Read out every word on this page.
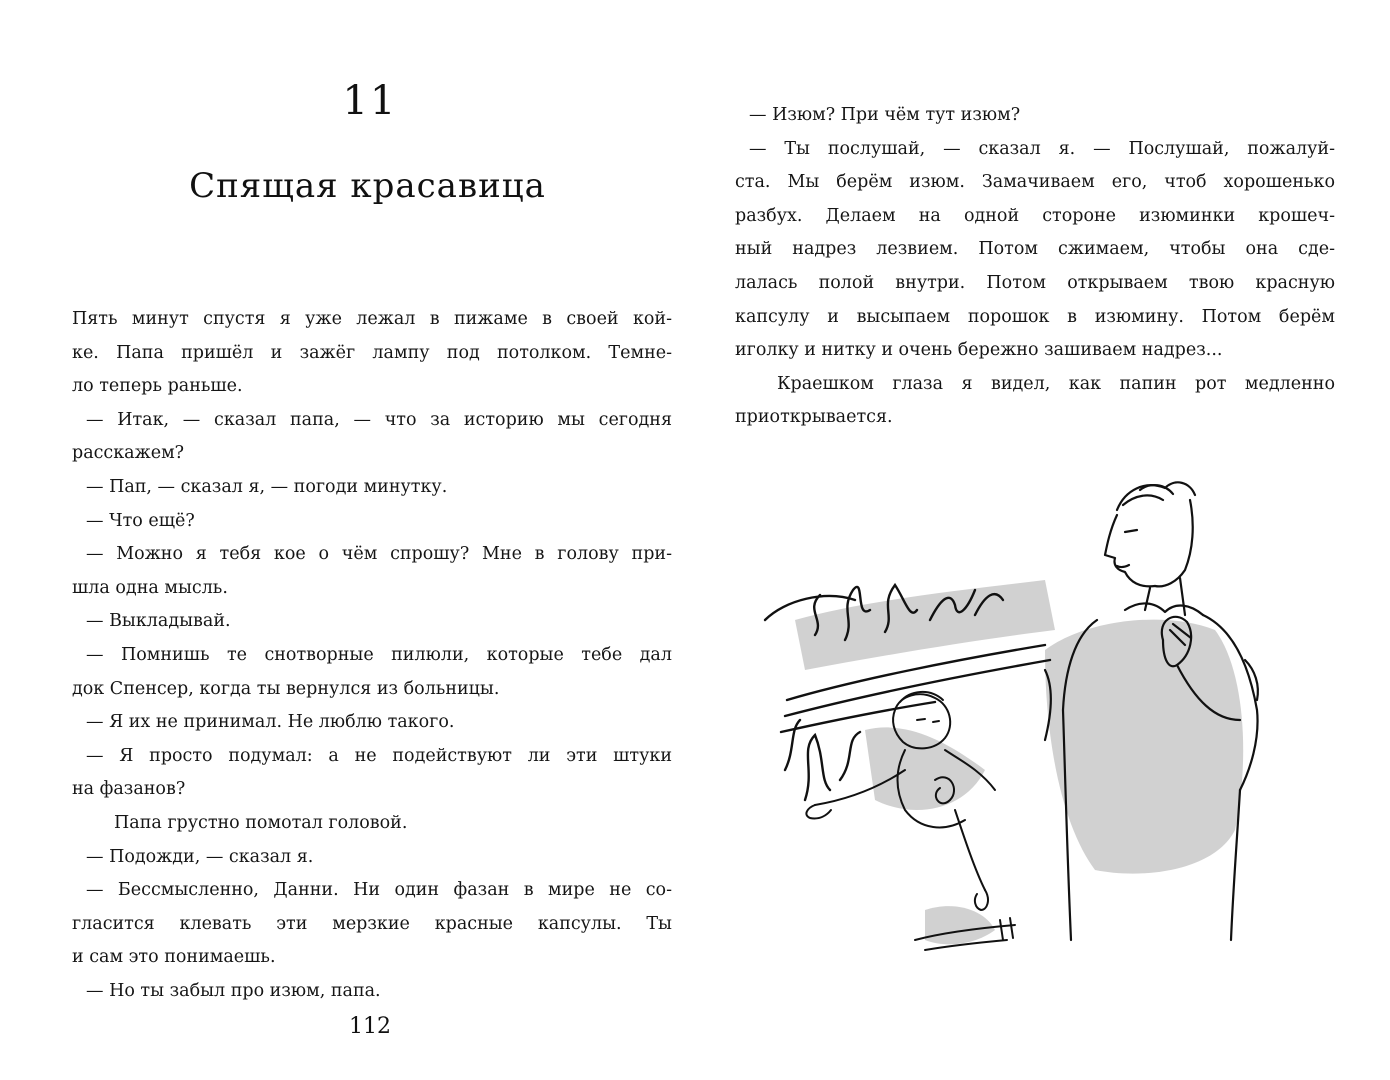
11
Спящая красавица
Пять минут спустя я уже лежал в пижаме в своей кой-
ке. Папа пришёл и зажёг лампу под потолком. Темне-
ло теперь раньше.
— Итак, — сказал папа, — что за историю мы сегодня
расскажем?
— Пап, — сказал я, — погоди минутку.
— Что ещё?
— Можно я тебя кое о чём спрошу? Мне в голову при-
шла одна мысль.
— Выкладывай.
— Помнишь те снотворные пилюли, которые тебе дал
док Спенсер, когда ты вернулся из больницы.
— Я их не принимал. Не люблю такого.
— Я просто подумал: а не подействуют ли эти штуки
на фазанов?
Папа грустно помотал головой.
— Подожди, — сказал я.
— Бессмысленно, Данни. Ни один фазан в мире не со-
гласится клевать эти мерзкие красные капсулы. Ты
и сам это понимаешь.
— Но ты забыл про изюм, папа.
112
— Изюм? При чём тут изюм?
— Ты послушай, — сказал я. — Послушай, пожалуй-
ста. Мы берём изюм. Замачиваем его, чтоб хорошенько
разбух. Делаем на одной стороне изюминки крошеч-
ный надрез лезвием. Потом сжимаем, чтобы она сде-
лалась полой внутри. Потом открываем твою красную
капсулу и высыпаем порошок в изюмину. Потом берём
иголку и нитку и очень бережно зашиваем надрез...
Краешком глаза я видел, как папин рот медленно
приоткрывается.
